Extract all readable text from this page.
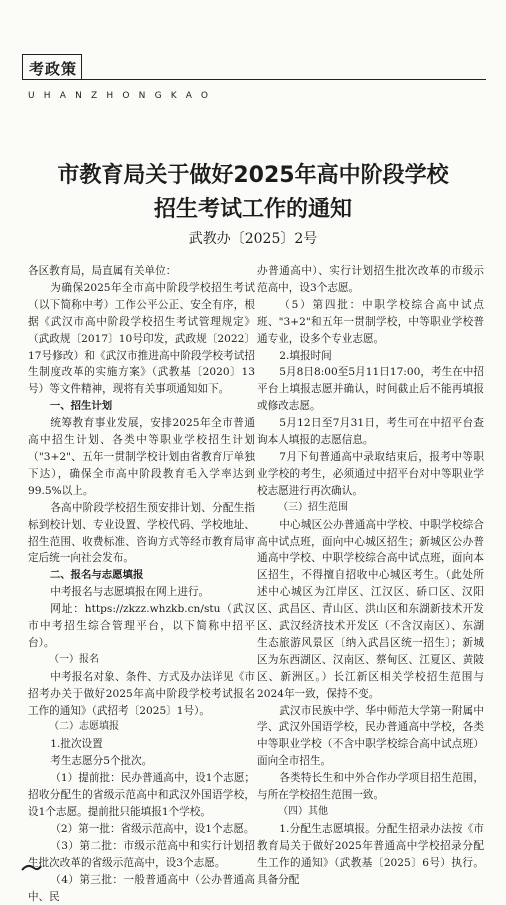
考政策
UHANZHONGKAO
市教育局关于做好2025年高中阶段学校
招生考试工作的通知
武教办〔2025〕2号

各区教育局，局直属有关单位：

为确保2025年全市高中阶段学校招生考试（以下简称中考）工作公平公正、安全有序，根据《武汉市高中阶段学校招生考试管理规定》（武政规〔2017〕10号印发，武政规〔2022〕17号修改）和《武汉市推进高中阶段学校考试招生制度改革的实施方案》（武教基〔2020〕13号）等文件精神，现将有关事项通知如下。

一、招生计划

统筹教育事业发展，安排2025年全市普通高中招生计划、各类中等职业学校招生计划（"3+2"、五年一贯制学校计划由省教育厅单独下达），确保全市高中阶段教育毛入学率达到99.5%以上。

各高中阶段学校招生预安排计划、分配生指标到校计划、专业设置、学校代码、学校地址、招生范围、收费标准、咨询方式等经市教育局审定后统一向社会发布。

二、报名与志愿填报

中考报名与志愿填报在网上进行。

网址：https://zkzz.whzkb.cn/stu（武汉市中考招生综合管理平台，以下简称中招平台）。

（一）报名

中考报名对象、条件、方式及办法详见《市招考办关于做好2025年高中阶段学校考试报名工作的通知》（武招考〔2025〕1号）。

（二）志愿填报

1.批次设置

考生志愿分5个批次。

（1）提前批：民办普通高中，设1个志愿；招收分配生的省级示范高中和武汉外国语学校，设1个志愿。提前批只能填报1个学校。

（2）第一批：省级示范高中，设1个志愿。

（3）第二批：市级示范高中和实行计划招生批次改革的省级示范高中，设3个志愿。

（4）第三批：一般普通高中（公办普通高中、民

办普通高中）、实行计划招生批次改革的市级示范高中，设3个志愿。

（5）第四批：中职学校综合高中试点班、"3+2"和五年一贯制学校，中等职业学校普通专业，设多个专业志愿。

2.填报时间

5月8日8:00至5月11日17:00，考生在中招平台上填报志愿并确认，时间截止后不能再填报或修改志愿。

5月12日至7月31日，考生可在中招平台查询本人填报的志愿信息。

7月下旬普通高中录取结束后，报考中等职业学校的考生，必须通过中招平台对中等职业学校志愿进行再次确认。

（三）招生范围

中心城区公办普通高中学校、中职学校综合高中试点班，面向中心城区招生；新城区公办普通高中学校、中职学校综合高中试点班，面向本区招生，不得擅自招收中心城区考生。（此处所述中心城区为江岸区、江汉区、硚口区、汉阳区、武昌区、青山区、洪山区和东湖新技术开发区、武汉经济技术开发区（不含汉南区）、东湖生态旅游风景区〔纳入武昌区统一招生〕；新城区为东西湖区、汉南区、蔡甸区、江夏区、黄陂区、新洲区。）长江新区相关学校招生范围与2024年一致，保持不变。

武汉市民族中学、华中师范大学第一附属中学、武汉外国语学校，民办普通高中学校，各类中等职业学校（不含中职学校综合高中试点班）面向全市招生。

各类特长生和中外合作办学项目招生范围，与所在学校招生范围一致。

（四）其他

1.分配生志愿填报。分配生招录办法按《市教育局关于做好2025年普通高中学校招录分配生工作的通知》（武教基〔2025〕6号）执行。具备分配
